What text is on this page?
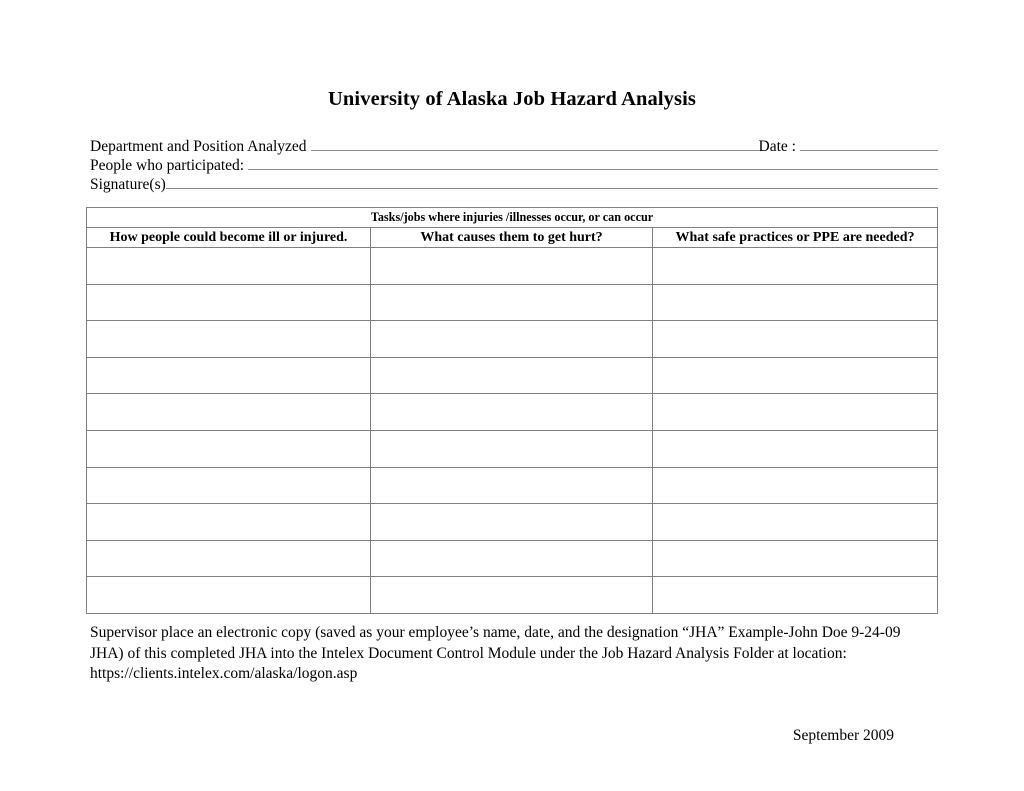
University of Alaska Job Hazard Analysis
Department and Position Analyzed	Date :
People who participated:
Signature(s)
Tasks/jobs where injuries /illnesses occur, or can occur		
How people could become ill or injured.	What causes them to get hurt?	What safe practices or PPE are needed?

Supervisor place an electronic copy (saved as your employee’s name, date, and the designation “JHA” Example-John Doe 9-24-09
JHA) of this completed JHA into the Intelex Document Control Module under the Job Hazard Analysis Folder at location:
https://clients.intelex.com/alaska/logon.asp
September 2009
